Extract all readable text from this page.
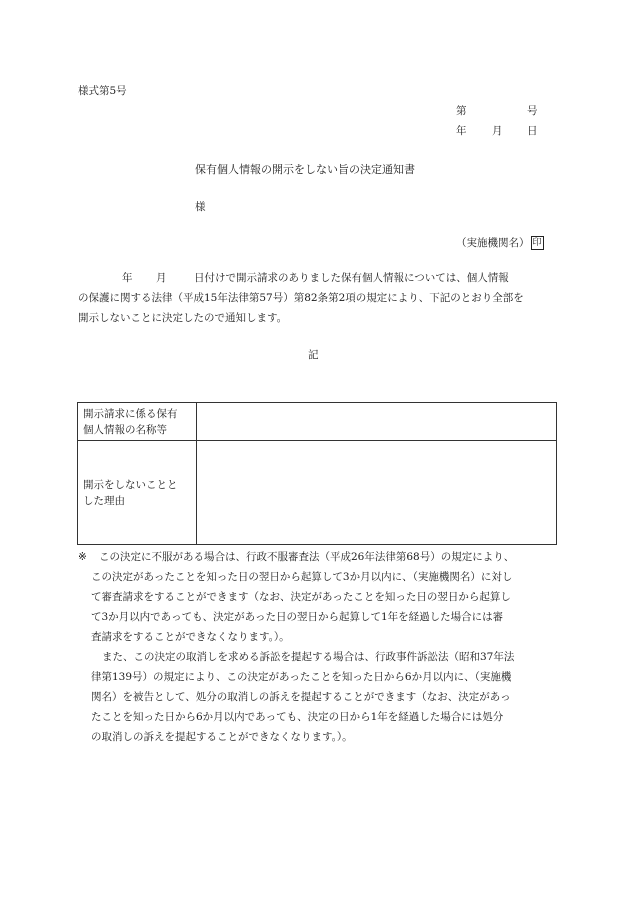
様式第5号
第	号
年 月 日
保有個人情報の開示をしない旨の決定通知書
様
（実施機関名） 印
年 月	日付けで開示請求のありました保有個人情報については、個人情報
の保護に関する法律（平成15年法律第57号）第82条第2項の規定により、下記のとおり全部を
開示しないことに決定したので通知します。
記
開示請求に係る保有
個人情報の名称等	

開示をしないことと
した理由	

※	この決定に不服がある場合は、行政不服審査法（平成26年法律第68号）の規定により、
この決定があったことを知った日の翌日から起算して3か月以内に、（実施機関名）に対し
て審査請求をすることができます（なお、決定があったことを知った日の翌日から起算し
て3か月以内であっても、決定があった日の翌日から起算して1年を経過した場合には審
査請求をすることができなくなります。）。
また、この決定の取消しを求める訴訟を提起する場合は、行政事件訴訟法（昭和37年法
律第139号）の規定により、この決定があったことを知った日から6か月以内に、（実施機
関名）を被告として、処分の取消しの訴えを提起することができます（なお、決定があっ
たことを知った日から6か月以内であっても、決定の日から1年を経過した場合には処分
の取消しの訴えを提起することができなくなります。）。
